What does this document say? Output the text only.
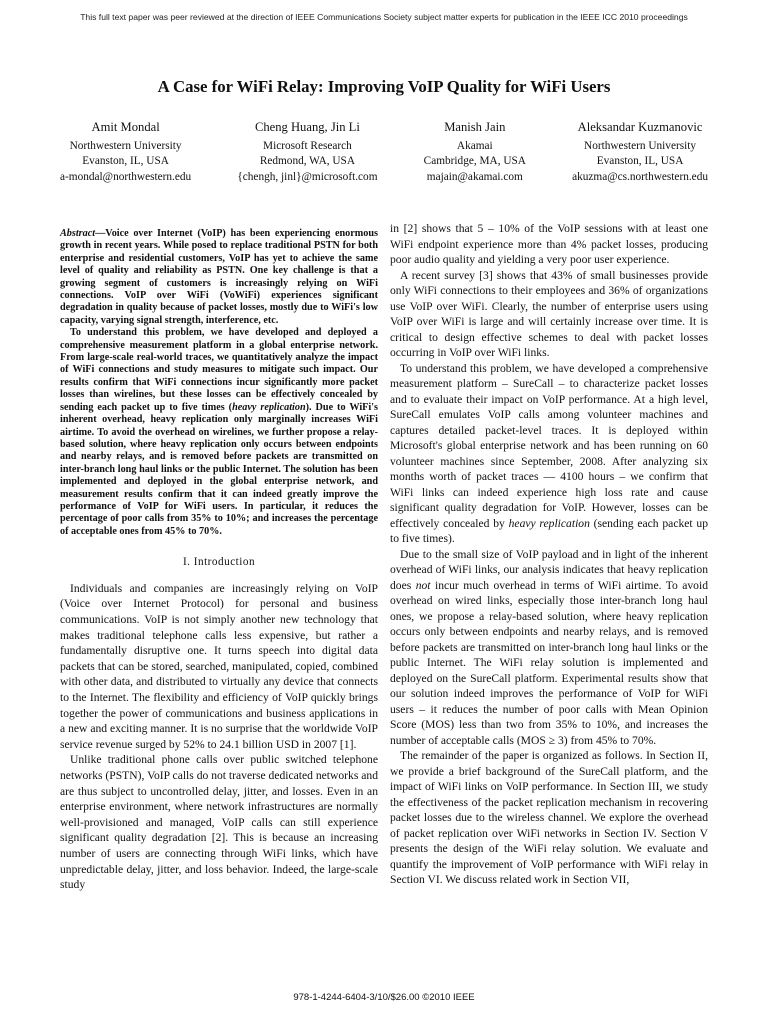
This full text paper was peer reviewed at the direction of IEEE Communications Society subject matter experts for publication in the IEEE ICC 2010 proceedings
A Case for WiFi Relay: Improving VoIP Quality for WiFi Users
Amit Mondal
Northwestern University
Evanston, IL, USA
a-mondal@northwestern.edu
Cheng Huang, Jin Li
Microsoft Research
Redmond, WA, USA
{chengh, jinl}@microsoft.com
Manish Jain
Akamai
Cambridge, MA, USA
majain@akamai.com
Aleksandar Kuzmanovic
Northwestern University
Evanston, IL, USA
akuzma@cs.northwestern.edu

Abstract—Voice over Internet (VoIP) has been experiencing enormous growth in recent years. While posed to replace traditional PSTN for both enterprise and residential customers, VoIP has yet to achieve the same level of quality and reliability as PSTN. One key challenge is that a growing segment of customers is increasingly relying on WiFi connections. VoIP over WiFi (VoWiFi) experiences significant degradation in quality because of packet losses, mostly due to WiFi's low capacity, varying signal strength, interference, etc.

To understand this problem, we have developed and deployed a comprehensive measurement platform in a global enterprise network. From large-scale real-world traces, we quantitatively analyze the impact of WiFi connections and study measures to mitigate such impact. Our results confirm that WiFi connections incur significantly more packet losses than wirelines, but these losses can be effectively concealed by sending each packet up to five times (heavy replication). Due to WiFi's inherent overhead, heavy replication only marginally increases WiFi airtime. To avoid the overhead on wirelines, we further propose a relay-based solution, where heavy replication only occurs between endpoints and nearby relays, and is removed before packets are transmitted on inter-branch long haul links or the public Internet. The solution has been implemented and deployed in the global enterprise network, and measurement results confirm that it can indeed greatly improve the performance of VoIP for WiFi users. In particular, it reduces the percentage of poor calls from 35% to 10%; and increases the percentage of acceptable ones from 45% to 70%.

I. Introduction

Individuals and companies are increasingly relying on VoIP (Voice over Internet Protocol) for personal and business communications. VoIP is not simply another new technology that makes traditional telephone calls less expensive, but rather a fundamentally disruptive one. It turns speech into digital data packets that can be stored, searched, manipulated, copied, combined with other data, and distributed to virtually any device that connects to the Internet. The flexibility and efficiency of VoIP quickly brings together the power of communications and business applications in a new and exciting manner. It is no surprise that the worldwide VoIP service revenue surged by 52% to 24.1 billion USD in 2007 [1].

Unlike traditional phone calls over public switched telephone networks (PSTN), VoIP calls do not traverse dedicated networks and are thus subject to uncontrolled delay, jitter, and losses. Even in an enterprise environment, where network infrastructures are normally well-provisioned and managed, VoIP calls can still experience significant quality degradation [2]. This is because an increasing number of users are connecting through WiFi links, which have unpredictable delay, jitter, and loss behavior. Indeed, the large-scale study

in [2] shows that 5 – 10% of the VoIP sessions with at least one WiFi endpoint experience more than 4% packet losses, producing poor audio quality and yielding a very poor user experience.

A recent survey [3] shows that 43% of small businesses provide only WiFi connections to their employees and 36% of organizations use VoIP over WiFi. Clearly, the number of enterprise users using VoIP over WiFi is large and will certainly increase over time. It is critical to design effective schemes to deal with packet losses occurring in VoIP over WiFi links.

To understand this problem, we have developed a comprehensive measurement platform – SureCall – to characterize packet losses and to evaluate their impact on VoIP performance. At a high level, SureCall emulates VoIP calls among volunteer machines and captures detailed packet-level traces. It is deployed within Microsoft's global enterprise network and has been running on 60 volunteer machines since September, 2008. After analyzing six months worth of packet traces — 4100 hours – we confirm that WiFi links can indeed experience high loss rate and cause significant quality degradation for VoIP. However, losses can be effectively concealed by heavy replication (sending each packet up to five times).

Due to the small size of VoIP payload and in light of the inherent overhead of WiFi links, our analysis indicates that heavy replication does not incur much overhead in terms of WiFi airtime. To avoid overhead on wired links, especially those inter-branch long haul ones, we propose a relay-based solution, where heavy replication occurs only between endpoints and nearby relays, and is removed before packets are transmitted on inter-branch long haul links or the public Internet. The WiFi relay solution is implemented and deployed on the SureCall platform. Experimental results show that our solution indeed improves the performance of VoIP for WiFi users – it reduces the number of poor calls with Mean Opinion Score (MOS) less than two from 35% to 10%, and increases the number of acceptable calls (MOS ≥ 3) from 45% to 70%.

The remainder of the paper is organized as follows. In Section II, we provide a brief background of the SureCall platform, and the impact of WiFi links on VoIP performance. In Section III, we study the effectiveness of the packet replication mechanism in recovering packet losses due to the wireless channel. We explore the overhead of packet replication over WiFi networks in Section IV. Section V presents the design of the WiFi relay solution. We evaluate and quantify the improvement of VoIP performance with WiFi relay in Section VI. We discuss related work in Section VII,

978-1-4244-6404-3/10/$26.00 ©2010 IEEE
